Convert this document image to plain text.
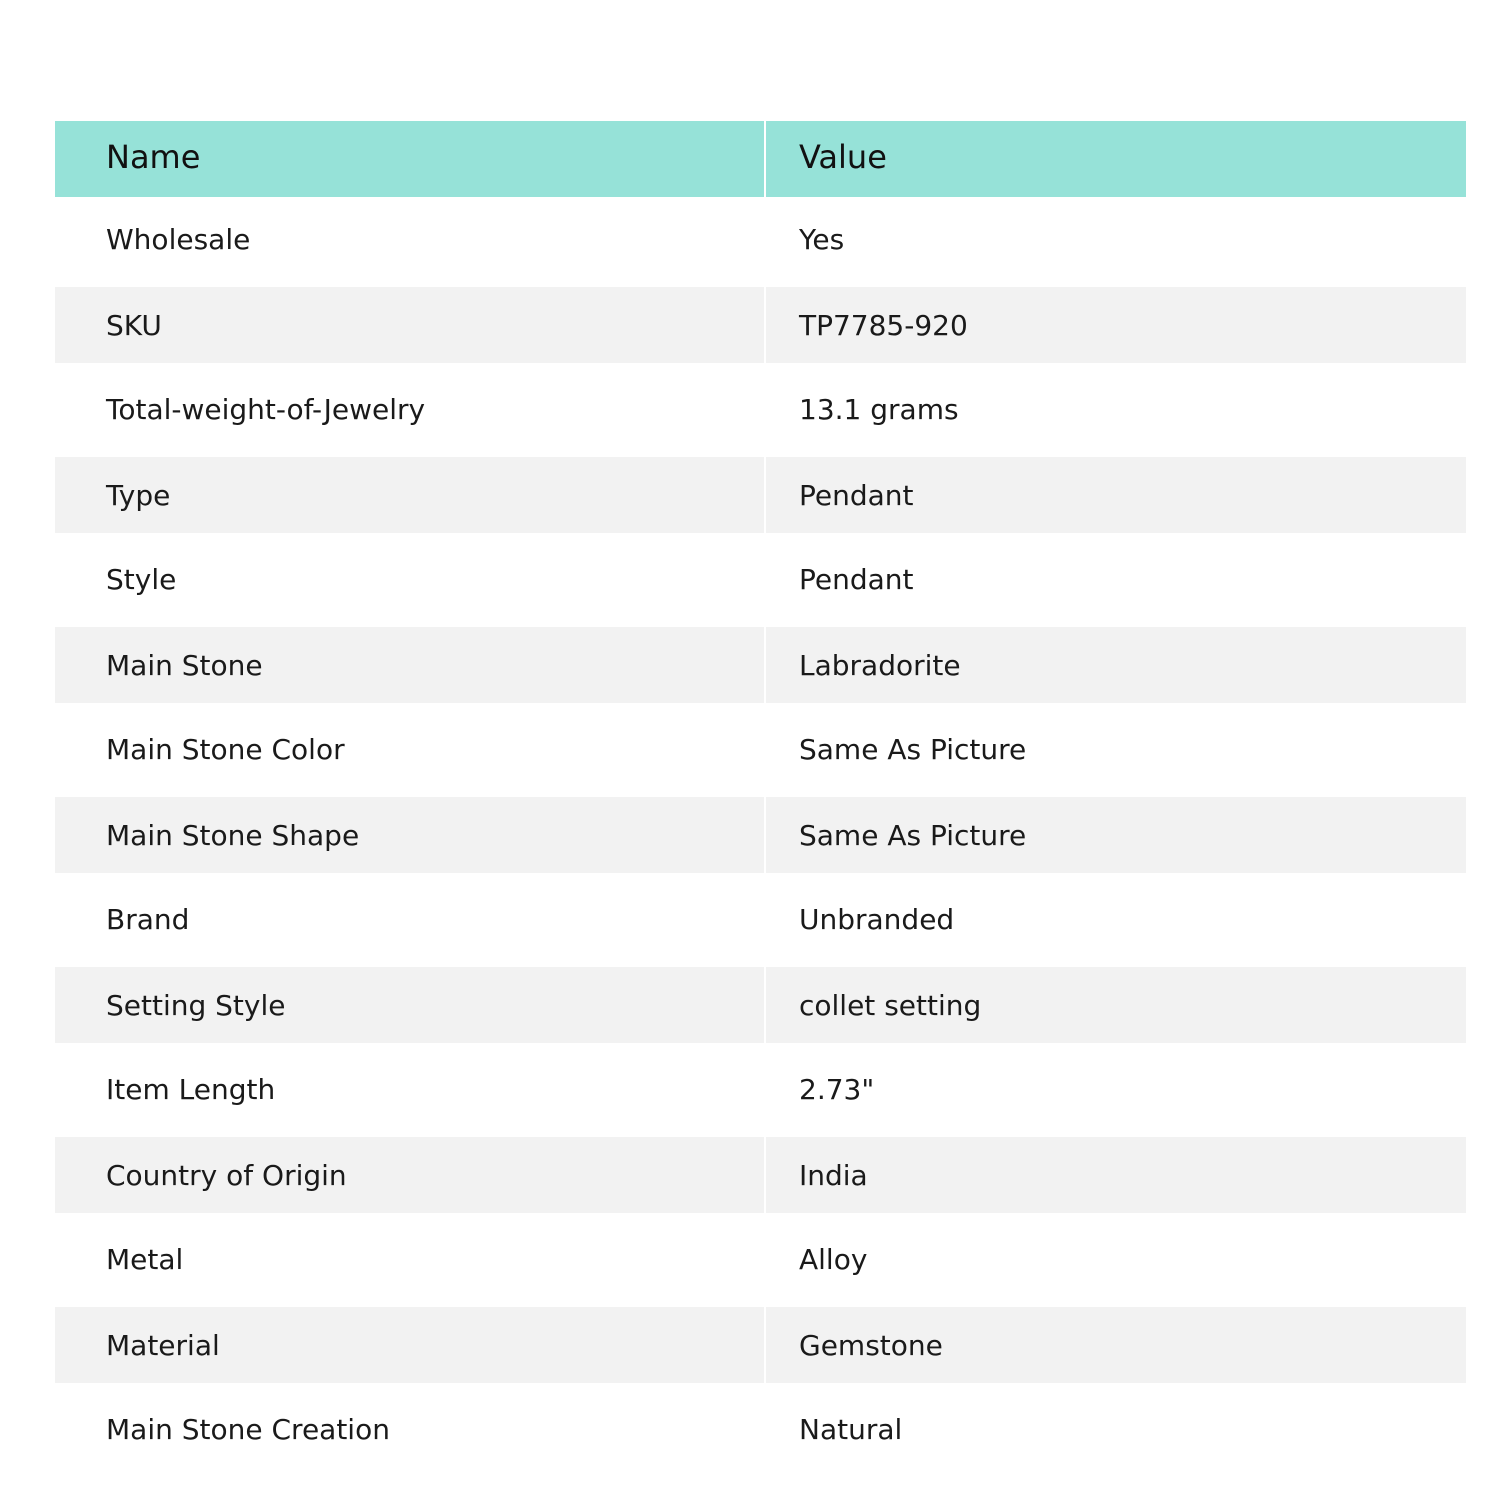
Name	Value
Wholesale	Yes
SKU	TP7785-920
Total-weight-of-Jewelry	13.1 grams
Type	Pendant
Style	Pendant
Main Stone	Labradorite
Main Stone Color	Same As Picture
Main Stone Shape	Same As Picture
Brand	Unbranded
Setting Style	collet setting
Item Length	2.73"
Country of Origin	India
Metal	Alloy
Material	Gemstone
Main Stone Creation	Natural
